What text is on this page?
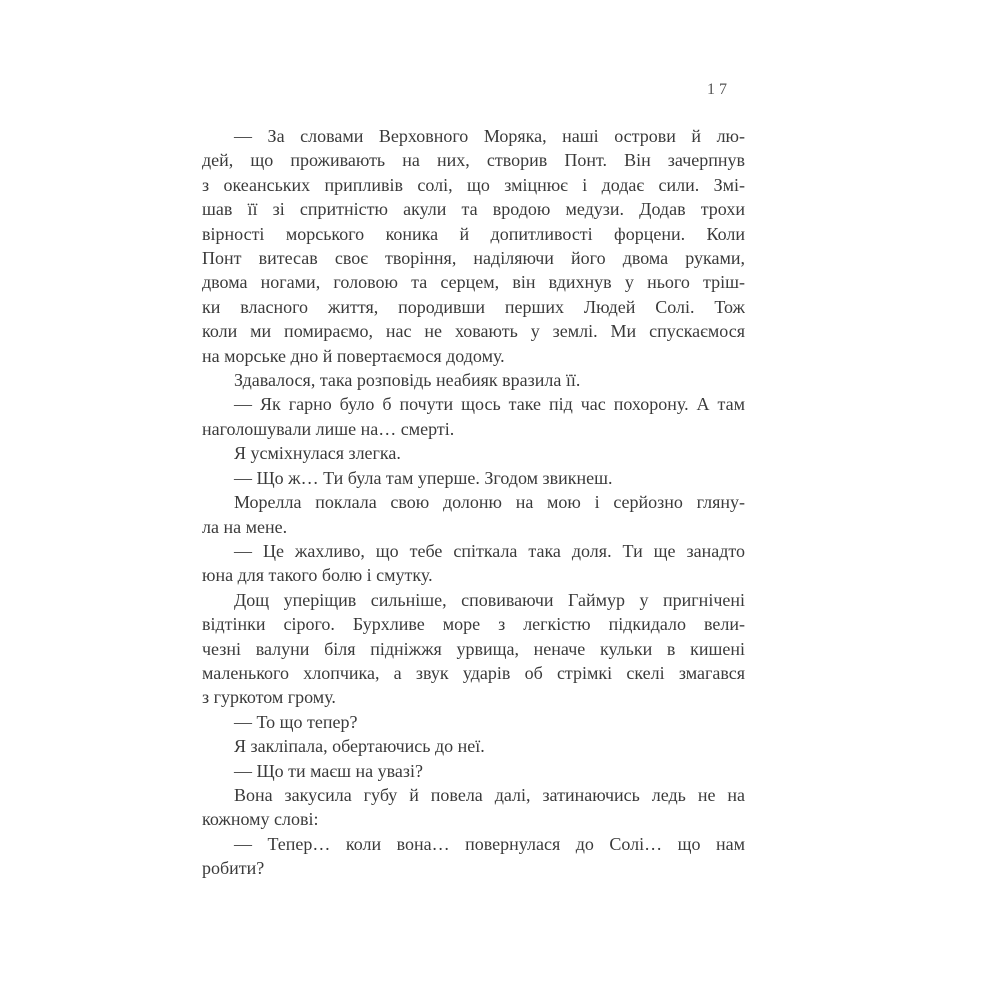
17
— За словами Верховного Моряка, наші острови й лю-
дей, що проживають на них, створив Понт. Він зачерпнув
з океанських припливів солі, що зміцнює і додає сили. Змі-
шав її зі спритністю акули та вродою медузи. Додав трохи
вірності морського коника й допитливості форцени. Коли
Понт витесав своє творіння, наділяючи його двома руками,
двома ногами, головою та серцем, він вдихнув у нього тріш-
ки власного життя, породивши перших Людей Солі. Тож
коли ми помираємо, нас не ховають у землі. Ми спускаємося
на морське дно й повертаємося додому.
Здавалося, така розповідь неабияк вразила її.
— Як гарно було б почути щось таке під час похорону. А там
наголошували лише на… смерті.
Я усміхнулася злегка.
— Що ж… Ти була там уперше. Згодом звикнеш.
Морелла поклала свою долоню на мою і серйозно гляну-
ла на мене.
— Це жахливо, що тебе спіткала така доля. Ти ще занадто
юна для такого болю і смутку.
Дощ уперіщив сильніше, сповиваючи Гаймур у пригнічені
відтінки сірого. Бурхливе море з легкістю підкидало вели-
чезні валуни біля підніжжя урвища, неначе кульки в кишені
маленького хлопчика, а звук ударів об стрімкі скелі змагався
з гуркотом грому.
— То що тепер?
Я закліпала, обертаючись до неї.
— Що ти маєш на увазі?
Вона закусила губу й повела далі, затинаючись ледь не на
кожному слові:
— Тепер… коли вона… повернулася до Солі… що нам
робити?
